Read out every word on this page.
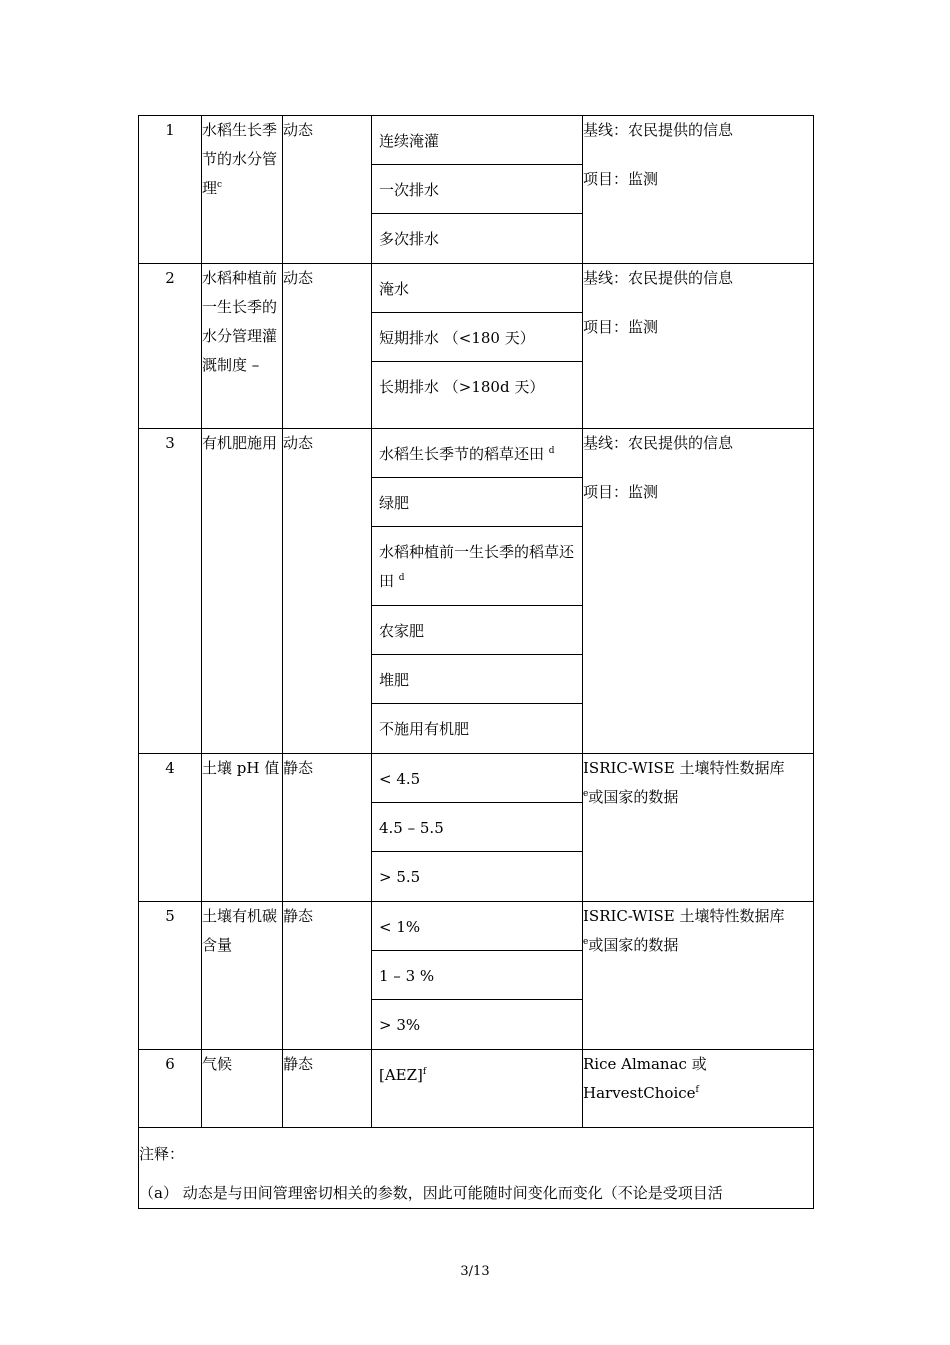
1	水稻生长季节的水分管理$^c$	动态	连续淹灌	基线：农民提供的信息
项目：监测

			一次排水	

			多次排水	

2	水稻种植前一生长季的水分管理灌溉制度 –	动态	淹水	基线：农民提供的信息
项目：监测

			短期排水 （<180 天）	

			长期排水 （>180d 天）	

3	有机肥施用	动态	水稻生长季节的稻草还田 $^d$	基线：农民提供的信息
项目：监测

			绿肥	

			水稻种植前一生长季的稻草还田 $^d$

			农家肥	

			堆肥	

			不施用有机肥	

4	土壤 pH 值	静态	< 4.5	ISRIC-WISE 土壤特性数据库
$^e$或国家的数据

			4.5 – 5.5	

			> 5.5	

5	土壤有机碳含量	静态	< 1%	ISRIC-WISE 土壤特性数据库
$^e$或国家的数据

			1 – 3 %	

			> 3%	

6	气候	静态	[AEZ]$^f$	Rice Almanac 或 HarvestChoice$^f$

注释：
（a） 动态是与田间管理密切相关的参数，因此可能随时间变化而变化（不论是受项目活				
3/13
